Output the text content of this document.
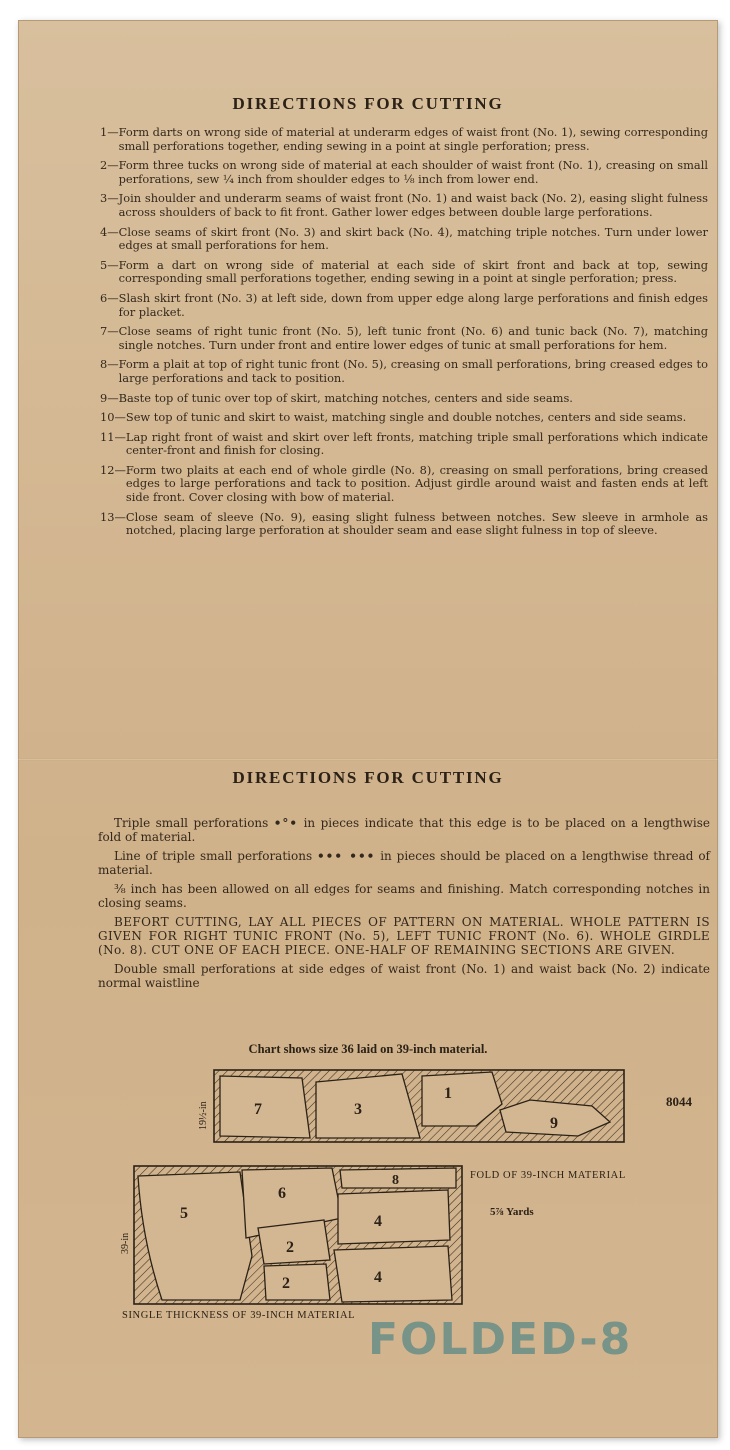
DIRECTIONS FOR CUTTING
1— Form darts on wrong side of material at underarm edges of waist front (No. 1), sewing corresponding small perforations together, ending sewing in a point at single perforation; press.
2— Form three tucks on wrong side of material at each shoulder of waist front (No. 1), creasing on small perforations, sew ¼ inch from shoulder edges to ⅛ inch from lower end.
3— Join shoulder and underarm seams of waist front (No. 1) and waist back (No. 2), easing slight fulness across shoulders of back to fit front. Gather lower edges between double large perforations.
4— Close seams of skirt front (No. 3) and skirt back (No. 4), matching triple notches. Turn under lower edges at small perforations for hem.
5— Form a dart on wrong side of material at each side of skirt front and back at top, sewing corresponding small perforations together, ending sewing in a point at single perforation; press.
6— Slash skirt front (No. 3) at left side, down from upper edge along large perforations and finish edges for placket.
7— Close seams of right tunic front (No. 5), left tunic front (No. 6) and tunic back (No. 7), matching single notches. Turn under front and entire lower edges of tunic at small perforations for hem.
8— Form a plait at top of right tunic front (No. 5), creasing on small perforations, bring creased edges to large perforations and tack to position.
9— Baste top of tunic over top of skirt, matching notches, centers and side seams.
10— Sew top of tunic and skirt to waist, matching single and double notches, centers and side seams.
11— Lap right front of waist and skirt over left fronts, matching triple small perforations which indicate center-front and finish for closing.
12— Form two plaits at each end of whole girdle (No. 8), creasing on small perforations, bring creased edges to large perforations and tack to position. Adjust girdle around waist and fasten ends at left side front. Cover closing with bow of material.
13— Close seam of sleeve (No. 9), easing slight fulness between notches. Sew sleeve in armhole as notched, placing large perforation at shoulder seam and ease slight fulness in top of sleeve.
DIRECTIONS FOR CUTTING
Triple small perforations •°• in pieces indicate that this edge is to be placed on a lengthwise fold of material.
Line of triple small perforations ••• ••• in pieces should be placed on a lengthwise thread of material.
⅜ inch has been allowed on all edges for seams and finishing. Match corresponding notches in closing seams.
BEFORT CUTTING, LAY ALL PIECES OF PATTERN ON MATERIAL. WHOLE PATTERN IS GIVEN FOR RIGHT TUNIC FRONT (No. 5), LEFT TUNIC FRONT (No. 6). WHOLE GIRDLE (No. 8). CUT ONE OF EACH PIECE. ONE-HALF OF REMAINING SECTIONS ARE GIVEN.
Double small perforations at side edges of waist front (No. 1) and waist back (No. 2) indicate normal waistline
Chart shows size 36 laid on 39-inch material.
7	3
1
9
19½-in	8044
FOLD OF 39-INCH MATERIAL
5⅞ Yards
5
6
8
2
2
4
4
39-in
SINGLE THICKNESS OF 39-INCH MATERIAL FOLDED-8
